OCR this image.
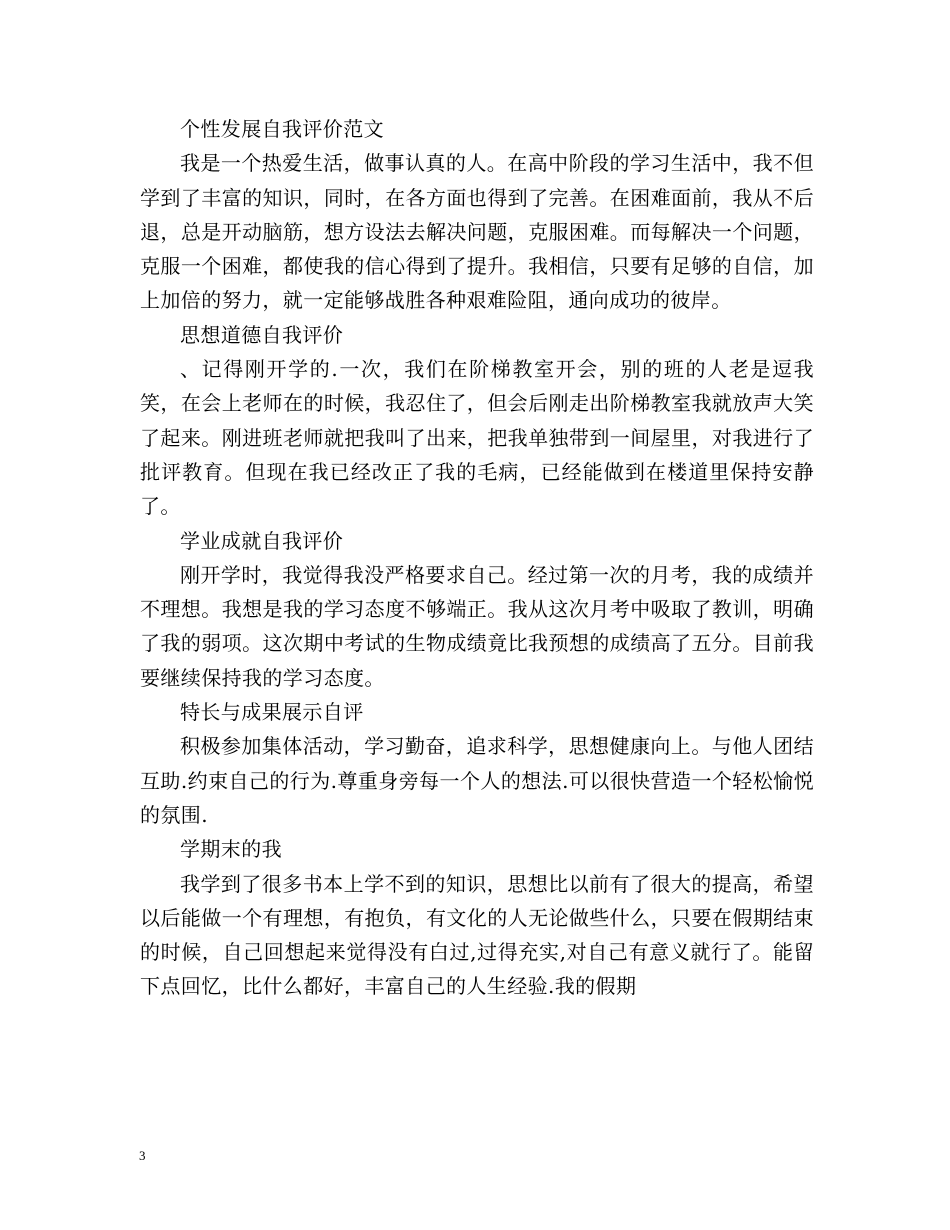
个性发展自我评价范文

我是一个热爱生活，做事认真的人。在高中阶段的学习生活中，我不但学到了丰富的知识，同时，在各方面也得到了完善。在困难面前，我从不后退，总是开动脑筋，想方设法去解决问题，克服困难。而每解决一个问题，克服一个困难，都使我的信心得到了提升。我相信，只要有足够的自信，加上加倍的努力，就一定能够战胜各种艰难险阻，通向成功的彼岸。

思想道德自我评价

、记得刚开学的.一次，我们在阶梯教室开会，别的班的人老是逗我笑，在会上老师在的时候，我忍住了，但会后刚走出阶梯教室我就放声大笑了起来。刚进班老师就把我叫了出来，把我单独带到一间屋里，对我进行了批评教育。但现在我已经改正了我的毛病，已经能做到在楼道里保持安静了。

学业成就自我评价

刚开学时，我觉得我没严格要求自己。经过第一次的月考，我的成绩并不理想。我想是我的学习态度不够端正。我从这次月考中吸取了教训，明确了我的弱项。这次期中考试的生物成绩竟比我预想的成绩高了五分。目前我要继续保持我的学习态度。

特长与成果展示自评

积极参加集体活动，学习勤奋，追求科学，思想健康向上。与他人团结互助.约束自己的行为.尊重身旁每一个人的想法.可以很快营造一个轻松愉悦的氛围.

学期末的我

我学到了很多书本上学不到的知识，思想比以前有了很大的提高，希望以后能做一个有理想，有抱负，有文化的人无论做些什么，只要在假期结束的时候，自己回想起来觉得没有白过,过得充实,对自己有意义就行了。能留下点回忆，比什么都好，丰富自己的人生经验.我的假期

3
